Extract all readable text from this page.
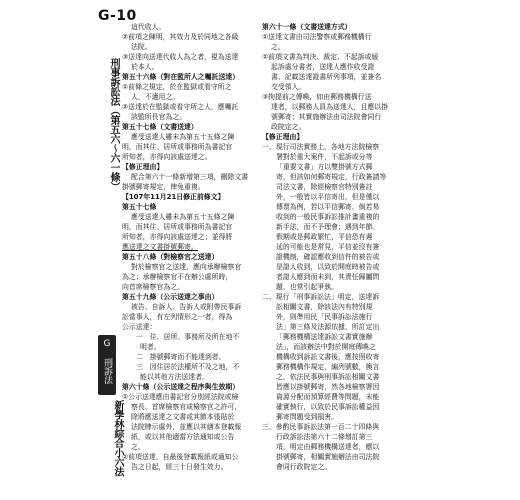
G-10
刑事訴訟法（第五六～六一條）
G 刑訴法
新學林綜合小六法
這代收人。
②前項之陳明，其效力及於同地之各級
法院。
③送達向送達代收人為之者，視為送達
於本人。
第五十六條（對在監所人之囑託送達）
①前條之規定，於在監獄或看守所之
人，不適用之。
②送達於在監獄或看守所之人，應囑託
該監所長官為之。
第五十七條（文書送達）
應受送達人雖未為第五十五條之陳
明，而其住、居所或事務所為書記官
所知者，亦得向該處送達之。
【修正理由】
配合第六十一條新增第三項，刪除文書
掛號郵寄規定，俾免重複。
【107年11月21日修正前條文】
第五十七條
應受送達人雖未為第五十五條之陳
明，而其住、居所或事務所為書記官
所知者，亦得向該處送達之；並得將
應送達之文書掛號郵寄。
第五十八條（對檢察官之送達）
對於檢察官之送達，應向承辦檢察官
為之；承辦檢察官不在辦公處所時，
向首席檢察官為之。
第五十九條（公示送達之事由）
被告、自訴人、告訴人或附帶民事訴
訟當事人，有左列情形之一者，得為
公示送達：
一　住、居所、事務所及所在地不
明者。
二　掛號郵寄而不能達到者。
三　因住居於法權所不及之地，不
能以其他方法送達者。
第六十條（公示送達之程序與生效期）
①公示送達應由書記官分別經法院或檢
察長、首席檢察官或檢察官之許可，
除將應送達之文書或其節本張貼於
法院牌示處外，並應以其繕本登載報
紙，或以其他適當方法通知或公告
之。
②前項送達，自最後登載報紙或通知公
告之日起，經三十日發生效力。
第六十一條（文書送達方式）
①送達文書由司法警察或郵務機構行
之。
②前項文書為判決、裁定、不起訴或緩
起訴處分書者，送達人應作收受證
書、記載送達證書所列事項，並簽名
交受領人。
③拘提前之傳喚，如由郵務機構行送
達者，以郵務人員為送達人，且應以掛
號郵寄；其實施辦法由司法院會同行
政院定之。
【修正理由】
一、現行司法實務上，各地方法院檢察
署對於重大案件，不起訴或分等
「重要文書」方以雙掛號方式郵
寄，但該如何郵寄規定，行政簽請等
司法文書，除經檢察官特別簽註
外，一般皆以平信寄出，但是僅以
傳票為例，若以平信郵寄，倘若易
收到的一般民事訴訟推計畫重複的
新手法，而不予理會；遇到年節、
假期或是郵政繁忙，平信恐有遲
延的可能也是常見，平信並沒有簽
證機制，確認應收到信件的被告或
是證人收到，以致於開庭時被告或
者證人應到而未到，其責任歸屬問
題，也常引起爭執。
二、現行「刑事訴訟法」明定，送達訴
訟相關文書，除該法內有特別規
外，則準用民「民事訴訟法施行
法」第三條及法源依據，所訂定出
「郵務機構送達訴訟文書實施辦
法」，而該辦法中對於開庭傳喚之
機構收到訴訟文書後，應按照收寄
郵務機構作規定，編列號數，換言
之，依法民事與刑事訴訟相關文書
皆應以掛號郵寄，然各地檢察署因
資源分配而預算經費等問題，未能
確實執行，以致於民事訴訟權益因
郵寄問題受到損害。
三、參酌民事訴訟法第一百二十四條與
行政訴訟法第六十二條增訂第三
項，明定由郵務機構送達者，應以
掛號郵寄，相關實施辦法由司法院
會同行政院定之。
